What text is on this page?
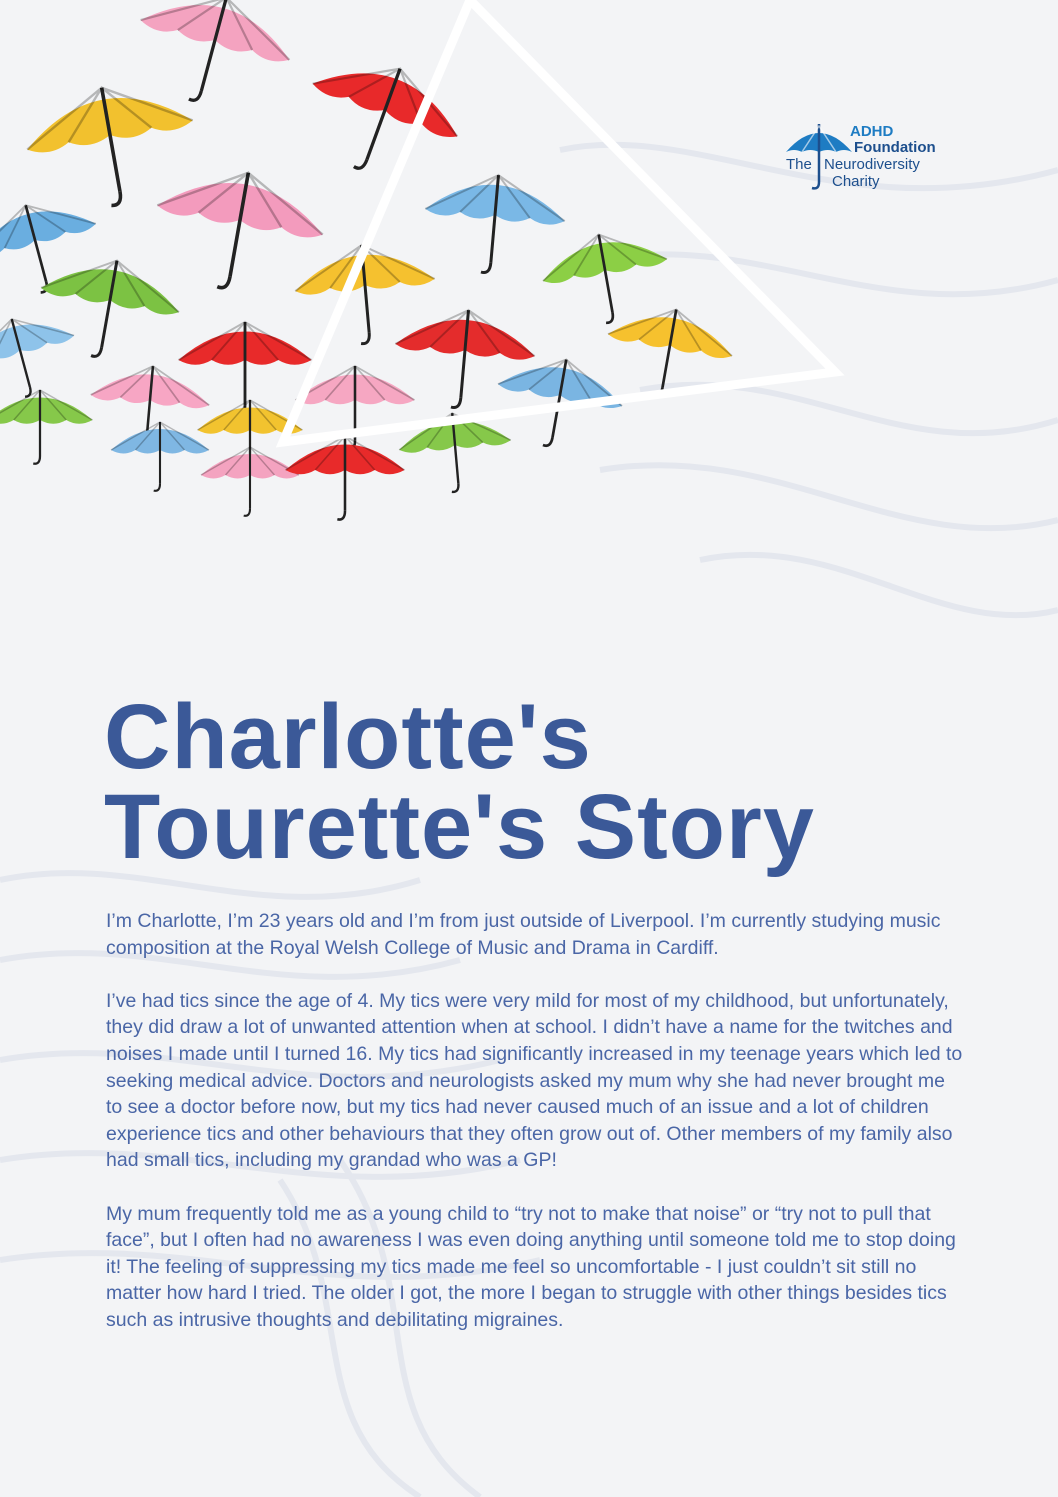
ADHD
Foundation
The Neurodiversity
Charity
Charlotte's
Tourette's Story

I’m Charlotte, I’m 23 years old and I’m from just outside of Liverpool. I’m currently studying music composition at the Royal Welsh College of Music and Drama in Cardiff.

I’ve had tics since the age of 4. My tics were very mild for most of my childhood, but unfortunately, they did draw a lot of unwanted attention when at school. I didn’t have a name for the twitches and noises I made until I turned 16. My tics had significantly increased in my teenage years which led to seeking medical advice. Doctors and neurologists asked my mum why she had never brought me to see a doctor before now, but my tics had never caused much of an issue and a lot of children experience tics and other behaviours that they often grow out of. Other members of my family also had small tics, including my grandad who was a GP!

My mum frequently told me as a young child to “try not to make that noise” or “try not to pull that face”, but I often had no awareness I was even doing anything until someone told me to stop doing it! The feeling of suppressing my tics made me feel so uncomfortable - I just couldn’t sit still no matter how hard I tried. The older I got, the more I began to struggle with other things besides tics such as intrusive thoughts and debilitating migraines.
